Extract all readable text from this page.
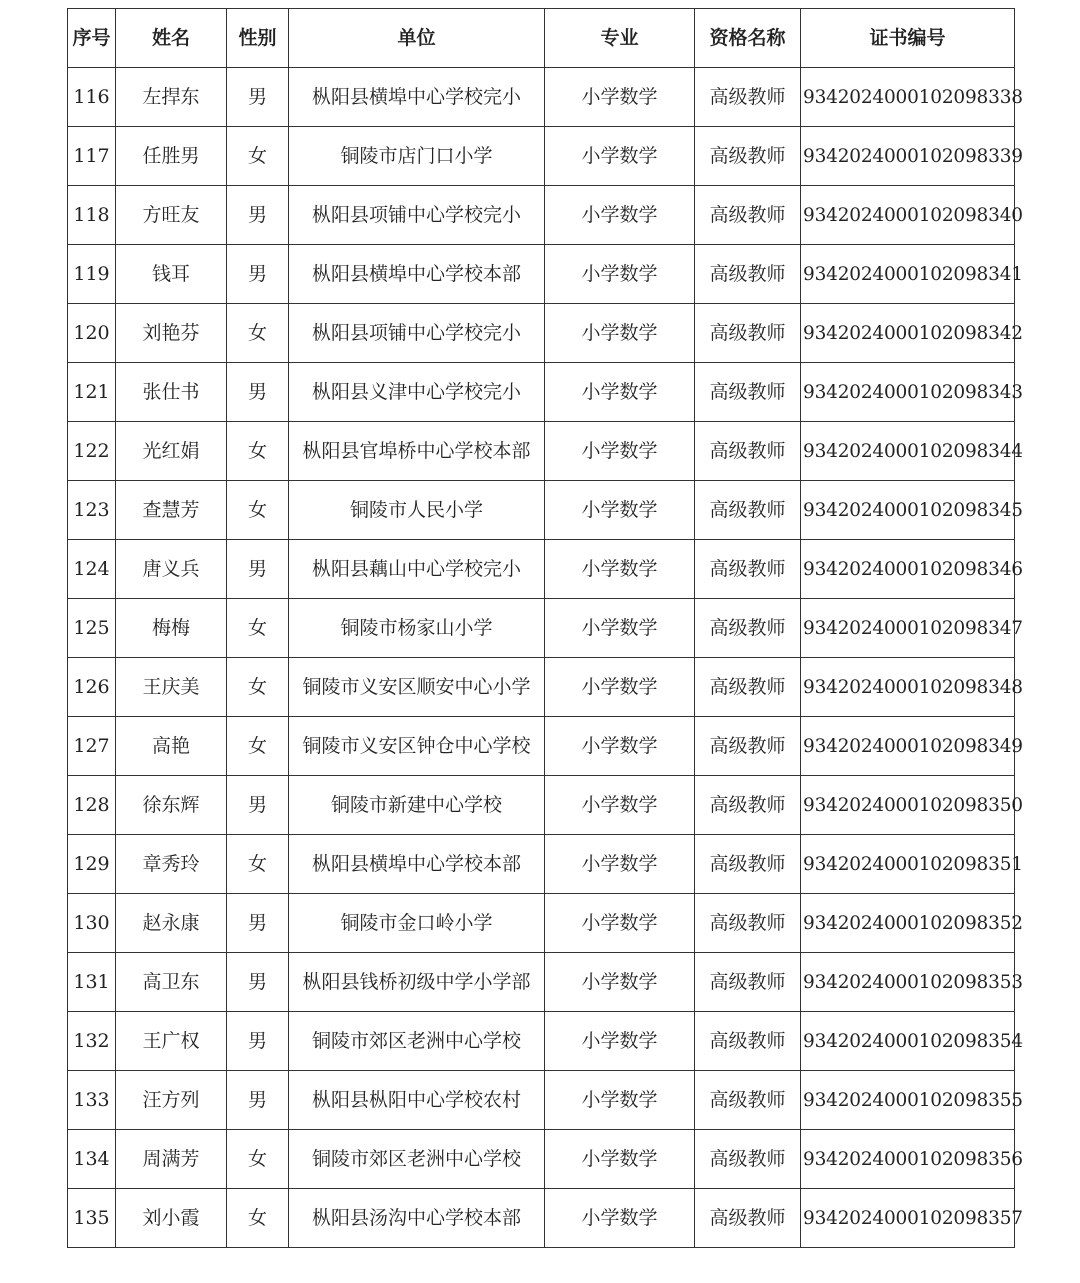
序号	姓名	性别	单位	专业	资格名称	证书编号
116	左捍东	男	枞阳县横埠中心学校完小	小学数学	高级教师	9342024000102098338
117	任胜男	女	铜陵市店门口小学	小学数学	高级教师	9342024000102098339
118	方旺友	男	枞阳县项铺中心学校完小	小学数学	高级教师	9342024000102098340
119	钱耳	男	枞阳县横埠中心学校本部	小学数学	高级教师	9342024000102098341
120	刘艳芬	女	枞阳县项铺中心学校完小	小学数学	高级教师	9342024000102098342
121	张仕书	男	枞阳县义津中心学校完小	小学数学	高级教师	9342024000102098343
122	光红娟	女	枞阳县官埠桥中心学校本部	小学数学	高级教师	9342024000102098344
123	查慧芳	女	铜陵市人民小学	小学数学	高级教师	9342024000102098345
124	唐义兵	男	枞阳县藕山中心学校完小	小学数学	高级教师	9342024000102098346
125	梅梅	女	铜陵市杨家山小学	小学数学	高级教师	9342024000102098347
126	王庆美	女	铜陵市义安区顺安中心小学	小学数学	高级教师	9342024000102098348
127	高艳	女	铜陵市义安区钟仓中心学校	小学数学	高级教师	9342024000102098349
128	徐东辉	男	铜陵市新建中心学校	小学数学	高级教师	9342024000102098350
129	章秀玲	女	枞阳县横埠中心学校本部	小学数学	高级教师	9342024000102098351
130	赵永康	男	铜陵市金口岭小学	小学数学	高级教师	9342024000102098352
131	高卫东	男	枞阳县钱桥初级中学小学部	小学数学	高级教师	9342024000102098353
132	王广权	男	铜陵市郊区老洲中心学校	小学数学	高级教师	9342024000102098354
133	汪方列	男	枞阳县枞阳中心学校农村	小学数学	高级教师	9342024000102098355
134	周满芳	女	铜陵市郊区老洲中心学校	小学数学	高级教师	9342024000102098356
135	刘小霞	女	枞阳县汤沟中心学校本部	小学数学	高级教师	9342024000102098357
